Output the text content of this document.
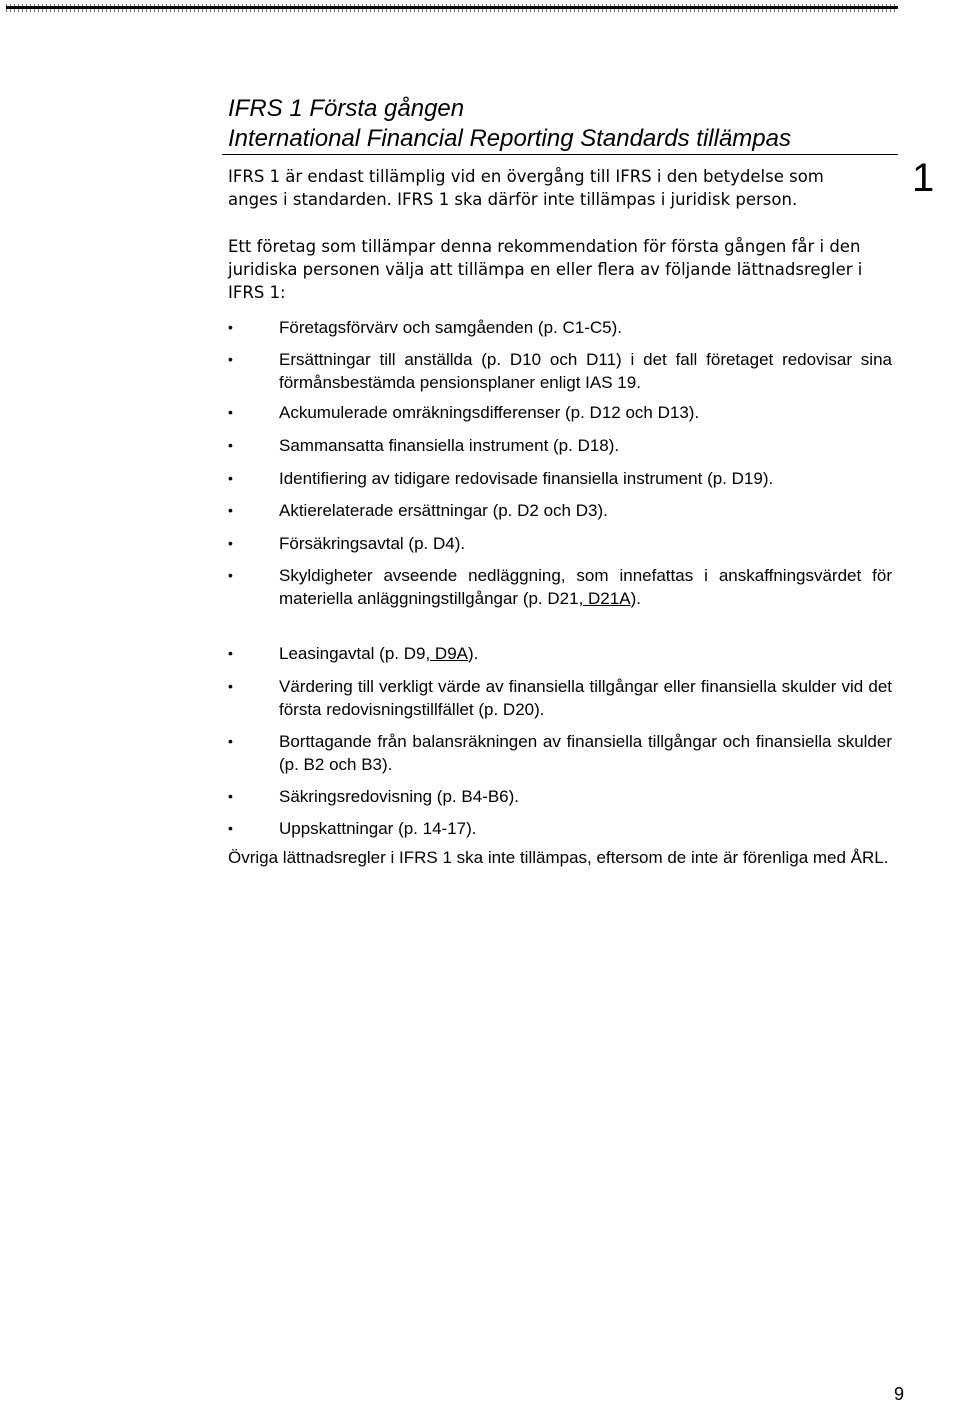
IFRS 1 Första gången
International Financial Reporting Standards tillämpas
1
IFRS 1 är endast tillämplig vid en övergång till IFRS i den betydelse som anges i standarden. IFRS 1 ska därför inte tillämpas i juridisk person.
Ett företag som tillämpar denna rekommendation för första gången får i den juridiska personen välja att tillämpa en eller flera av följande lättnadsregler i IFRS 1:
•	Företagsförvärv och samgåenden (p. C1-C5).
•	Ersättningar till anställda (p. D10 och D11) i det fall företaget redovisar sina förmånsbestämda pensionsplaner enligt IAS 19.
•	Ackumulerade omräkningsdifferenser (p. D12 och D13).
•	Sammansatta finansiella instrument (p. D18).
•	Identifiering av tidigare redovisade finansiella instrument (p. D19).
•	Aktierelaterade ersättningar (p. D2 och D3).
•	Försäkringsavtal (p. D4).
•	Skyldigheter avseende nedläggning, som innefattas i anskaffningsvärdet för materiella anläggningstillgångar (p. D21, D21A).
•	Leasingavtal (p. D9, D9A).
•	Värdering till verkligt värde av finansiella tillgångar eller finansiella skulder vid det första redovisningstillfället (p. D20).
•	Borttagande från balansräkningen av finansiella tillgångar och finansiella skulder (p. B2 och B3).
•	Säkringsredovisning (p. B4-B6).
•	Uppskattningar (p. 14-17).
Övriga lättnadsregler i IFRS 1 ska inte tillämpas, eftersom de inte är förenliga med ÅRL.
9
